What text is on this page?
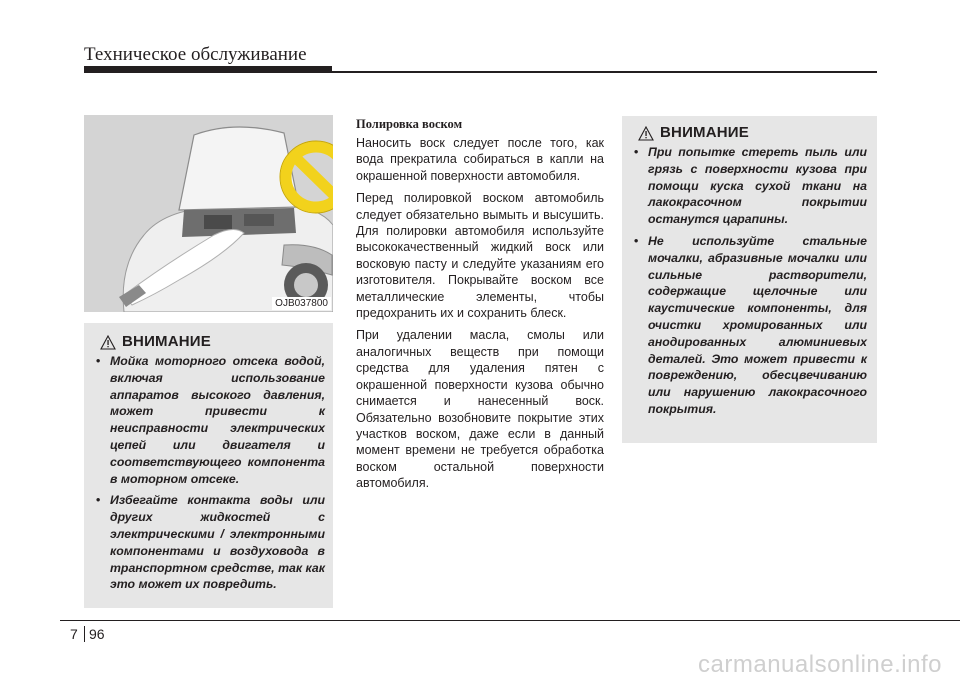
Техническое обслуживание
OJB037800
ВНИМАНИЕ
• Мойка моторного отсека водой, включая использование аппаратов высокого давления, может привести к неисправности электрических цепей или двигателя и соответствующего компонента в моторном отсеке.
• Избегайте контакта воды или других жидкостей с электрическими / электронными компонентами и воздуховода в транспортном средстве, так как это может их повредить.
Полировка воском

Наносить воск следует после того, как вода прекратила собираться в капли на окрашенной поверхности автомобиля.

Перед полировкой воском автомобиль следует обязательно вымыть и высушить. Для полировки автомобиля используйте высококачественный жидкий воск или восковую пасту и следуйте указаниям его изготовителя. Покрывайте воском все металлические элементы, чтобы предохранить их и сохранить блеск.

При удалении масла, смолы или аналогичных веществ при помощи средства для удаления пятен с окрашенной поверхности кузова обычно снимается и нанесенный воск. Обязательно возобновите покрытие этих участков воском, даже если в данный момент времени не требуется обработка воском остальной поверхности автомобиля.

ВНИМАНИЕ
• При попытке стереть пыль или грязь с поверхности кузова при помощи куска сухой ткани на лакокрасочном покрытии останутся царапины.
• Не используйте стальные мочалки, абразивные мочалки или сильные растворители, содержащие щелочные или каустические компоненты, для очистки хромированных или анодированных алюминиевых деталей. Это может привести к повреждению, обесцвечиванию или нарушению лакокрасочного покрытия.
7 96
carmanualsonline.info
